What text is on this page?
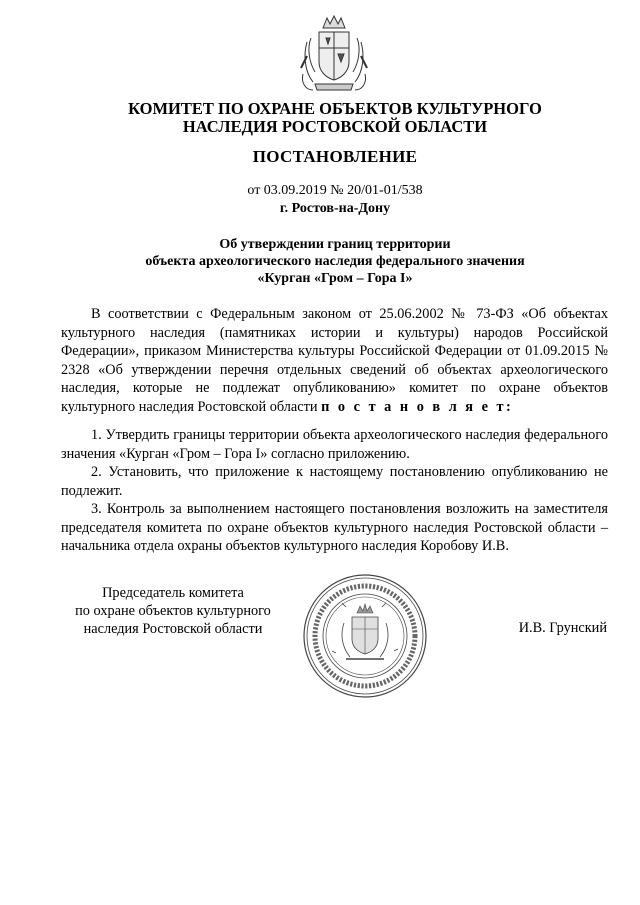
КОМИТЕТ ПО ОХРАНЕ ОБЪЕКТОВ КУЛЬТУРНОГО
НАСЛЕДИЯ РОСТОВСКОЙ ОБЛАСТИ
ПОСТАНОВЛЕНИЕ
от 03.09.2019 № 20/01-01/538
г. Ростов-на-Дону
Об утверждении границ территории
объекта археологического наследия федерального значения
«Курган «Гром – Гора I»

В соответствии с Федеральным законом от 25.06.2002 № 73-ФЗ «Об объектах культурного наследия (памятниках истории и культуры) народов Российской Федерации», приказом Министерства культуры Российской Федерации от 01.09.2015 № 2328 «Об утверждении перечня отдельных сведений об объектах археологического наследия, которые не подлежат опубликованию» комитет по охране объектов культурного наследия Ростовской области п о с т а н о в л я е т:

1. Утвердить границы территории объекта археологического наследия федерального значения «Курган «Гром – Гора I» согласно приложению.

2. Установить, что приложение к настоящему постановлению опубликованию не подлежит.

3. Контроль за выполнением настоящего постановления возложить на заместителя председателя комитета по охране объектов культурного наследия Ростовской области – начальника отдела охраны объектов культурного наследия Коробову И.В.

Председатель комитета
по охране объектов культурного
наследия Ростовской области	И.В. Грунский
